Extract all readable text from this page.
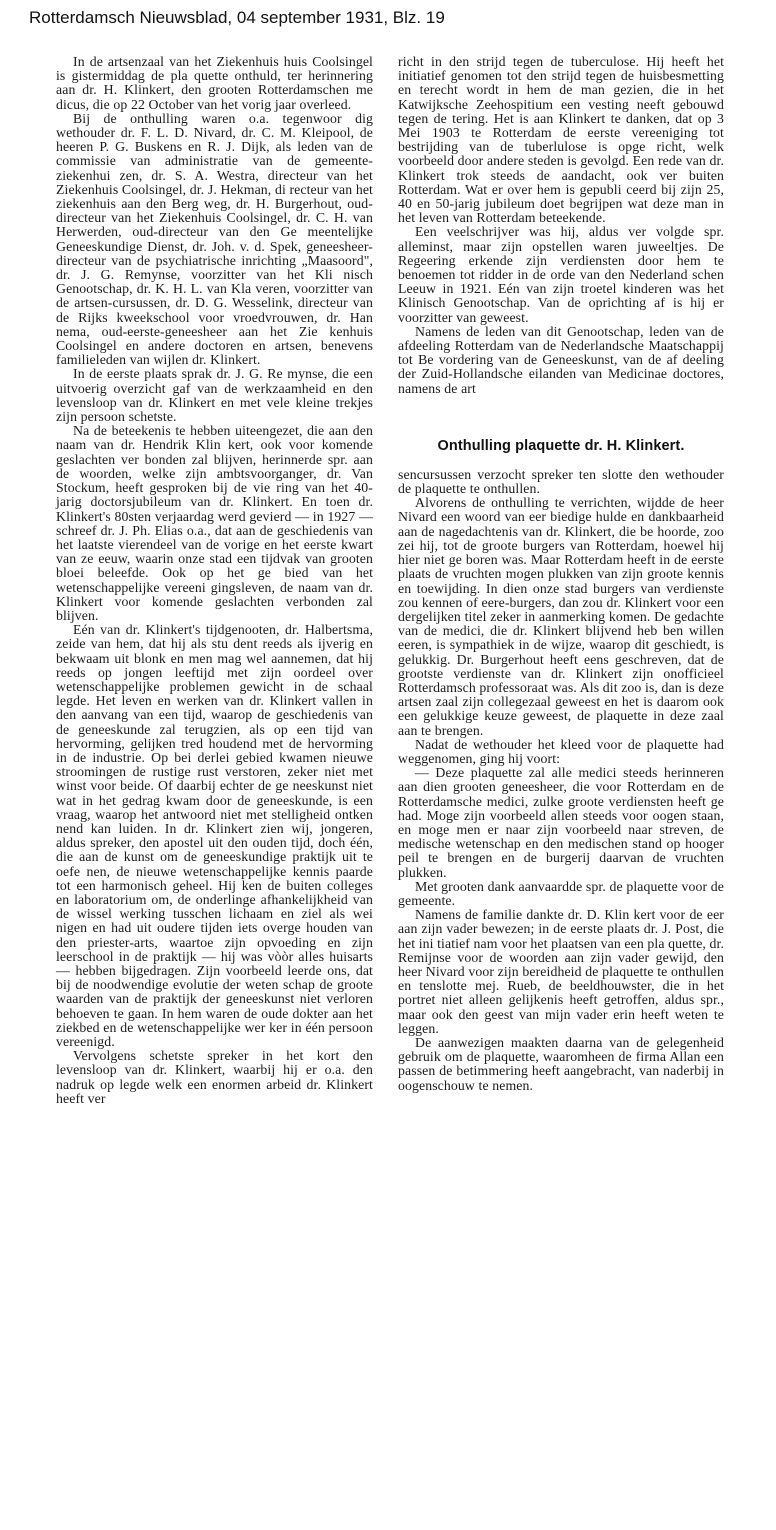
Rotterdamsch Nieuwsblad, 04 september 1931, Blz. 19

In de artsenzaal van het Ziekenhuis huis Coolsingel is gistermiddag de pla quette onthuld, ter herinnering aan dr. H. Klinkert, den grooten Rotterdamschen me dicus, die op 22 October van het vorig jaar overleed.

Bij de onthulling waren o.a. tegenwoor dig wethouder dr. F. L. D. Nivard, dr. C. M. Kleipool, de heeren P. G. Buskens en R. J. Dijk, als leden van de commissie van administratie van de gemeente-ziekenhui zen, dr. S. A. Westra, directeur van het Ziekenhuis Coolsingel, dr. J. Hekman, di recteur van het ziekenhuis aan den Berg weg, dr. H. Burgerhout, oud-directeur van het Ziekenhuis Coolsingel, dr. C. H. van Herwerden, oud-directeur van den Ge meentelijke Geneeskundige Dienst, dr. Joh. v. d. Spek, geneesheer-directeur van de psychiatrische inrichting „Maasoord", dr. J. G. Remynse, voorzitter van het Kli nisch Genootschap, dr. K. H. L. van Kla veren, voorzitter van de artsen-cursussen, dr. D. G. Wesselink, directeur van de Rijks kweekschool voor vroedvrouwen, dr. Han nema, oud-eerste-geneesheer aan het Zie kenhuis Coolsingel en andere doctoren en artsen, benevens familieleden van wijlen dr. Klinkert.

In de eerste plaats sprak dr. J. G. Re mynse, die een uitvoerig overzicht gaf van de werkzaamheid en den levensloop van dr. Klinkert en met vele kleine trekjes zijn persoon schetste.

Na de beteekenis te hebben uiteengezet, die aan den naam van dr. Hendrik Klin kert, ook voor komende geslachten ver bonden zal blijven, herinnerde spr. aan de woorden, welke zijn ambtsvoorganger, dr. Van Stockum, heeft gesproken bij de vie ring van het 40-jarig doctorsjubileum van dr. Klinkert. En toen dr. Klinkert's 80sten verjaardag werd gevierd — in 1927 — schreef dr. J. Ph. Elias o.a., dat aan de geschiedenis van het laatste vierendeel van de vorige en het eerste kwart van ze eeuw, waarin onze stad een tijdvak van grooten bloei beleefde. Ook op het ge bied van het wetenschappelijke vereeni gingsleven, de naam van dr. Klinkert voor komende geslachten verbonden zal blijven.

Eén van dr. Klinkert's tijdgenooten, dr. Halbertsma, zeide van hem, dat hij als stu dent reeds als ijverig en bekwaam uit blonk en men mag wel aannemen, dat hij reeds op jongen leeftijd met zijn oordeel over wetenschappelijke problemen gewicht in de schaal legde. Het leven en werken van dr. Klinkert vallen in den aanvang van een tijd, waarop de geschiedenis van de geneeskunde zal terugzien, als op een tijd van hervorming, gelijken tred houdend met de hervorming in de industrie. Op bei derlei gebied kwamen nieuwe stroomingen de rustige rust verstoren, zeker niet met winst voor beide. Of daarbij echter de ge neeskunst niet wat in het gedrag kwam door de geneeskunde, is een vraag, waarop het antwoord niet met stelligheid ontken nend kan luiden. In dr. Klinkert zien wij, jongeren, aldus spreker, den apostel uit den ouden tijd, doch één, die aan de kunst om de geneeskundige praktijk uit te oefe nen, de nieuwe wetenschappelijke kennis paarde tot een harmonisch geheel. Hij ken de buiten colleges en laboratorium om, de onderlinge afhankelijkheid van de wissel werking tusschen lichaam en ziel als wei nigen en had uit oudere tijden iets overge houden van den priester-arts, waartoe zijn opvoeding en zijn leerschool in de praktijk — hij was vòòr alles huisarts — hebben bijgedragen. Zijn voorbeeld leerde ons, dat bij de noodwendige evolutie der weten schap de groote waarden van de praktijk der geneeskunst niet verloren behoeven te gaan. In hem waren de oude dokter aan het ziekbed en de wetenschappelijke wer ker in één persoon vereenigd.

Vervolgens schetste spreker in het kort den levensloop van dr. Klinkert, waarbij hij er o.a. den nadruk op legde welk een enormen arbeid dr. Klinkert heeft ver

richt in den strijd tegen de tuberculose. Hij heeft het initiatief genomen tot den strijd tegen de huisbesmetting en terecht wordt in hem de man gezien, die in het Katwijksche Zeehospitium een vesting neeft gebouwd tegen de tering. Het is aan Klinkert te danken, dat op 3 Mei 1903 te Rotterdam de eerste vereeniging tot bestrijding van de tuberlulose is opge richt, welk voorbeeld door andere steden is gevolgd. Een rede van dr. Klinkert trok steeds de aandacht, ook ver buiten Rotterdam. Wat er over hem is gepubli ceerd bij zijn 25, 40 en 50-jarig jubileum doet begrijpen wat deze man in het leven van Rotterdam beteekende.

Een veelschrijver was hij, aldus ver volgde spr. alleminst, maar zijn opstellen waren juweeltjes. De Regeering erkende zijn verdiensten door hem te benoemen tot ridder in de orde van den Nederland schen Leeuw in 1921. Eén van zijn troetel kinderen was het Klinisch Genootschap. Van de oprichting af is hij er voorzitter van geweest.

Namens de leden van dit Genootschap, leden van de afdeeling Rotterdam van de Nederlandsche Maatschappij tot Be vordering van de Geneeskunst, van de af deeling der Zuid-Hollandsche eilanden van Medicinae doctores, namens de art

Onthulling plaquette dr. H. Klinkert.

sencursussen verzocht spreker ten slotte den wethouder de plaquette te onthullen.

Alvorens de onthulling te verrichten, wijdde de heer Nivard een woord van eer biedige hulde en dankbaarheid aan de nagedachtenis van dr. Klinkert, die be hoorde, zoo zei hij, tot de groote burgers van Rotterdam, hoewel hij hier niet ge boren was. Maar Rotterdam heeft in de eerste plaats de vruchten mogen plukken van zijn groote kennis en toewijding. In dien onze stad burgers van verdienste zou kennen of eere-burgers, dan zou dr. Klinkert voor een dergelijken titel zeker in aanmerking komen. De gedachte van de medici, die dr. Klinkert blijvend heb ben willen eeren, is sympathiek in de wijze, waarop dit geschiedt, is gelukkig. Dr. Burgerhout heeft eens geschreven, dat de grootste verdienste van dr. Klinkert zijn onofficieel Rotterdamsch professoraat was. Als dit zoo is, dan is deze artsen zaal zijn collegezaal geweest en het is daarom ook een gelukkige keuze geweest, de plaquette in deze zaal aan te brengen.

Nadat de wethouder het kleed voor de plaquette had weggenomen, ging hij voort:

— Deze plaquette zal alle medici steeds herinneren aan dien grooten geneesheer, die voor Rotterdam en de Rotterdamsche medici, zulke groote verdiensten heeft ge had. Moge zijn voorbeeld allen steeds voor oogen staan, en moge men er naar zijn voorbeeld naar streven, de medische wetenschap en den medischen stand op hooger peil te brengen en de burgerij daarvan de vruchten plukken.

Met grooten dank aanvaardde spr. de plaquette voor de gemeente.

Namens de familie dankte dr. D. Klin kert voor de eer aan zijn vader bewezen; in de eerste plaats dr. J. Post, die het ini tiatief nam voor het plaatsen van een pla quette, dr. Remijnse voor de woorden aan zijn vader gewijd, den heer Nivard voor zijn bereidheid de plaquette te onthullen en tenslotte mej. Rueb, de beeldhouwster, die in het portret niet alleen gelijkenis heeft getroffen, aldus spr., maar ook den geest van mijn vader erin heeft weten te leggen.

De aanwezigen maakten daarna van de gelegenheid gebruik om de plaquette, waaromheen de firma Allan een passen de betimmering heeft aangebracht, van naderbij in oogenschouw te nemen.
